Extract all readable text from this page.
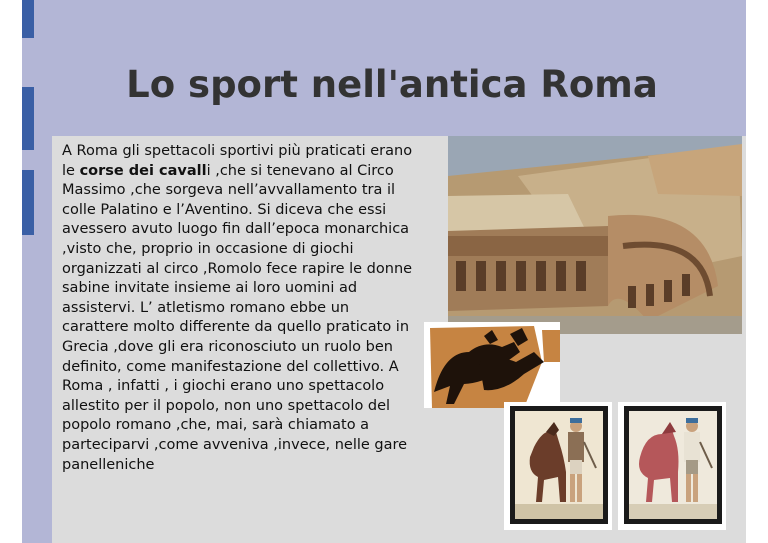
Lo sport nell'antica Roma

A Roma gli spettacoli sportivi più praticati erano le corse dei cavalli ,che si tenevano al Circo Massimo ,che sorgeva nell’avvallamento tra il colle Palatino e l’Aventino. Si diceva che essi avessero avuto luogo fin dall’epoca monarchica ,visto che, proprio in occasione di giochi organizzati al circo ,Romolo fece rapire le donne sabine invitate insieme ai loro uomini ad assistervi. L’ atletismo romano ebbe un carattere molto differente da quello praticato in Grecia ,dove gli era riconosciuto un ruolo ben definito, come manifestazione del collettivo. A Roma , infatti , i giochi erano uno spettacolo allestito per il popolo, non uno spettacolo del popolo romano ,che, mai, sarà chiamato a parteciparvi ,come avveniva ,invece, nelle gare panelleniche
